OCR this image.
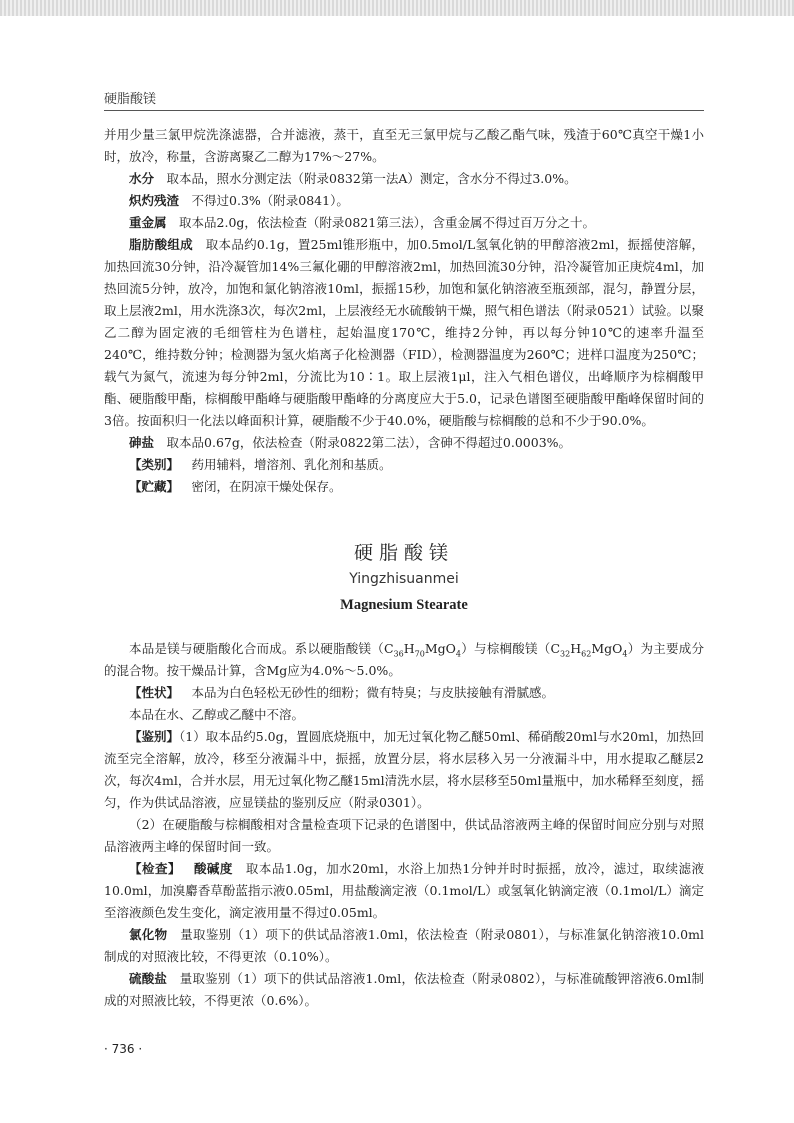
硬脂酸镁

并用少量三氯甲烷洗涤滤器，合并滤液，蒸干，直至无三氯甲烷与乙酸乙酯气味，残渣于60℃真空干燥1小时，放冷，称量，含游离聚乙二醇为17%～27%。

水分  取本品，照水分测定法（附录0832第一法A）测定，含水分不得过3.0%。

炽灼残渣  不得过0.3%（附录0841）。

重金属  取本品2.0g，依法检查（附录0821第三法），含重金属不得过百万分之十。

脂肪酸组成  取本品约0.1g，置25ml锥形瓶中，加0.5mol/L氢氧化钠的甲醇溶液2ml，振摇使溶解，加热回流30分钟，沿冷凝管加14%三氟化硼的甲醇溶液2ml，加热回流30分钟，沿冷凝管加正庚烷4ml，加热回流5分钟，放冷，加饱和氯化钠溶液10ml，振摇15秒，加饱和氯化钠溶液至瓶颈部，混匀，静置分层，取上层液2ml，用水洗涤3次，每次2ml，上层液经无水硫酸钠干燥，照气相色谱法（附录0521）试验。以聚乙二醇为固定液的毛细管柱为色谱柱，起始温度170℃，维持2分钟，再以每分钟10℃的速率升温至240℃，维持数分钟；检测器为氢火焰离子化检测器（FID），检测器温度为260℃；进样口温度为250℃；载气为氮气，流速为每分钟2ml，分流比为10∶1。取上层液1μl，注入气相色谱仪，出峰顺序为棕榈酸甲酯、硬脂酸甲酯，棕榈酸甲酯峰与硬脂酸甲酯峰的分离度应大于5.0，记录色谱图至硬脂酸甲酯峰保留时间的3倍。按面积归一化法以峰面积计算，硬脂酸不少于40.0%，硬脂酸与棕榈酸的总和不少于90.0%。

砷盐  取本品0.67g，依法检查（附录0822第二法），含砷不得超过0.0003%。

【类别】  药用辅料，增溶剂、乳化剂和基质。

【贮藏】  密闭，在阴凉干燥处保存。

硬脂酸镁
Yingzhisuanmei
Magnesium Stearate

本品是镁与硬脂酸化合而成。系以硬脂酸镁$(C_{36}H_{70}MgO_4)$与棕榈酸镁$(C_{32}H_{62}MgO_4)$为主要成分的混合物。按干燥品计算，含Mg应为4.0%～5.0%。

【性状】  本品为白色轻松无砂性的细粉；微有特臭；与皮肤接触有滑腻感。

本品在水、乙醇或乙醚中不溶。

【鉴别】（1）取本品约5.0g，置圆底烧瓶中，加无过氧化物乙醚50ml、稀硝酸20ml与水20ml，加热回流至完全溶解，放冷，移至分液漏斗中，振摇，放置分层，将水层移入另一分液漏斗中，用水提取乙醚层2次，每次4ml，合并水层，用无过氧化物乙醚15ml清洗水层，将水层移至50ml量瓶中，加水稀释至刻度，摇匀，作为供试品溶液，应显镁盐的鉴别反应（附录0301）。

（2）在硬脂酸与棕榈酸相对含量检查项下记录的色谱图中，供试品溶液两主峰的保留时间应分别与对照品溶液两主峰的保留时间一致。

【检查】  酸碱度  取本品1.0g，加水20ml，水浴上加热1分钟并时时振摇，放冷，滤过，取续滤液10.0ml，加溴麝香草酚蓝指示液0.05ml，用盐酸滴定液（0.1mol/L）或氢氧化钠滴定液（0.1mol/L）滴定至溶液颜色发生变化，滴定液用量不得过0.05ml。

氯化物  量取鉴别（1）项下的供试品溶液1.0ml，依法检查（附录0801），与标准氯化钠溶液10.0ml制成的对照液比较，不得更浓（0.10%）。

硫酸盐  量取鉴别（1）项下的供试品溶液1.0ml，依法检查（附录0802），与标准硫酸钾溶液6.0ml制成的对照液比较，不得更浓（0.6%）。

· 736 ·
